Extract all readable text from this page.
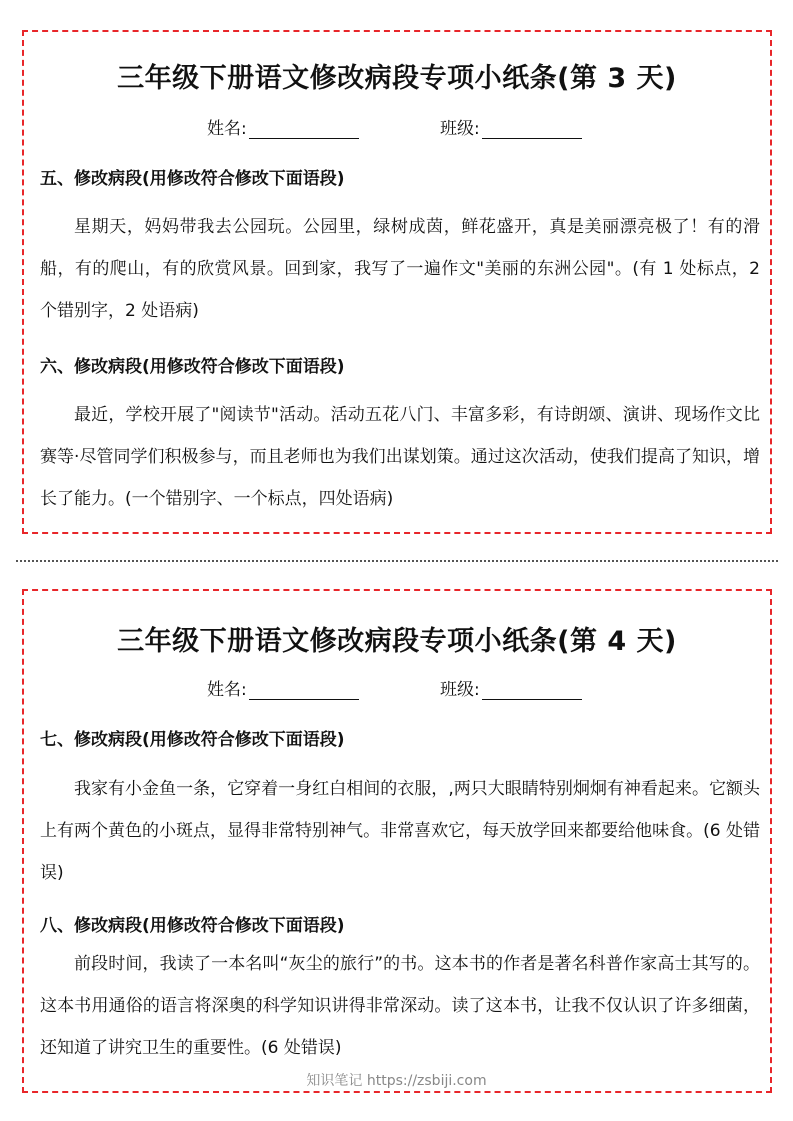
三年级下册语文修改病段专项小纸条(第 3 天)
姓名:	班级:
五、修改病段(用修改符合修改下面语段)

星期天，妈妈带我去公园玩。公园里，绿树成茵，鲜花盛开，真是美丽漂亮极了！有的滑船，有的爬山，有的欣赏风景。回到家，我写了一遍作文"美丽的东洲公园"。(有 1 处标点，2 个错别字，2 处语病)

六、修改病段(用修改符合修改下面语段)

最近，学校开展了"阅读节"活动。活动五花八门、丰富多彩，有诗朗颂、演讲、现场作文比赛等·尽管同学们积极参与，而且老师也为我们出谋划策。通过这次活动，使我们提高了知识，增长了能力。(一个错别字、一个标点，四处语病)

三年级下册语文修改病段专项小纸条(第 4 天)
姓名:	班级:
七、修改病段(用修改符合修改下面语段)

我家有小金鱼一条，它穿着一身红白相间的衣服，,两只大眼睛特别炯炯有神看起来。它额头上有两个黄色的小斑点，显得非常特别神气。非常喜欢它，每天放学回来都要给他味食。(6 处错误)

八、修改病段(用修改符合修改下面语段)

前段时间，我读了一本名叫“灰尘的旅行”的书。这本书的作者是著名科普作家高士其写的。这本书用通俗的语言将深奥的科学知识讲得非常深动。读了这本书，让我不仅认识了许多细菌，还知道了讲究卫生的重要性。(6 处错误)

知识笔记 https://zsbiji.com
